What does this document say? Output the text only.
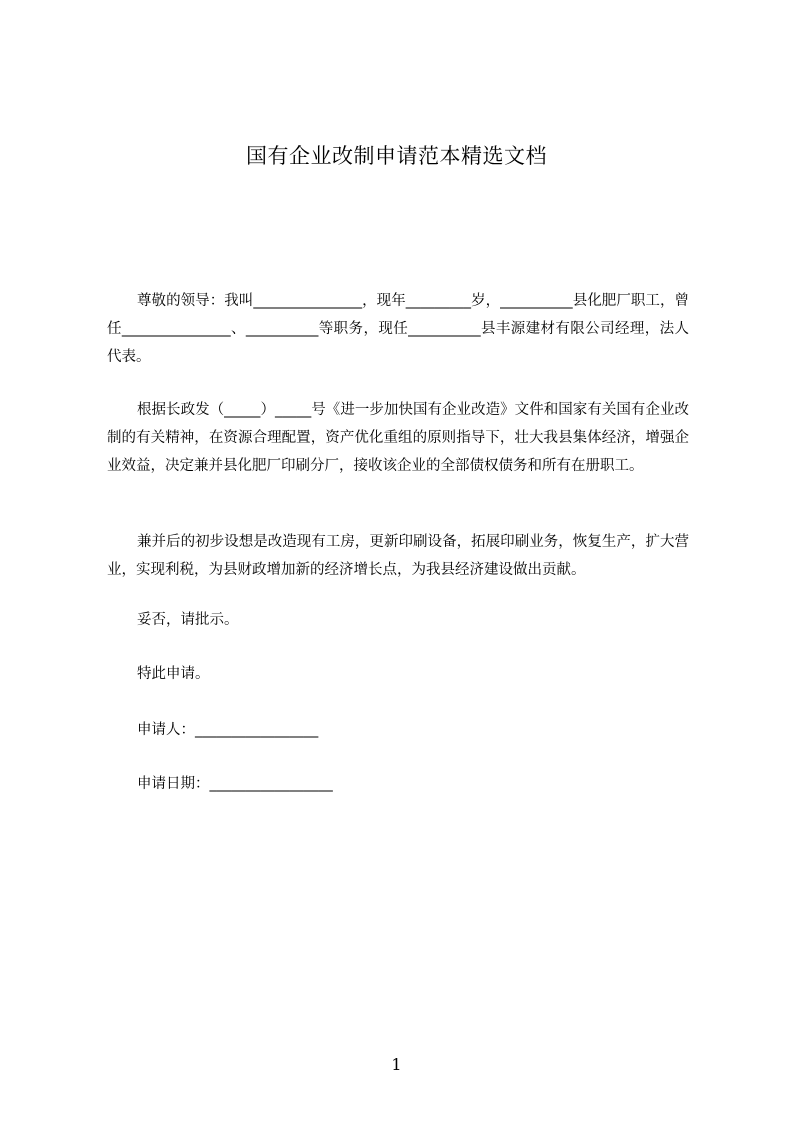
国有企业改制申请范本精选文档

尊敬的领导：我叫_______________，现年_________岁，__________县化肥厂职工，曾任_______________、__________等职务，现任__________县丰源建材有限公司经理，法人代表。

根据长政发（_____）_____号《进一步加快国有企业改造》文件和国家有关国有企业改制的有关精神，在资源合理配置，资产优化重组的原则指导下，壮大我县集体经济，增强企业效益，决定兼并县化肥厂印刷分厂，接收该企业的全部债权债务和所有在册职工。

兼并后的初步设想是改造现有工房，更新印刷设备，拓展印刷业务，恢复生产，扩大营业，实现利税，为县财政增加新的经济增长点，为我县经济建设做出贡献。

妥否，请批示。

特此申请。

申请人：_________________

申请日期：_________________

1
